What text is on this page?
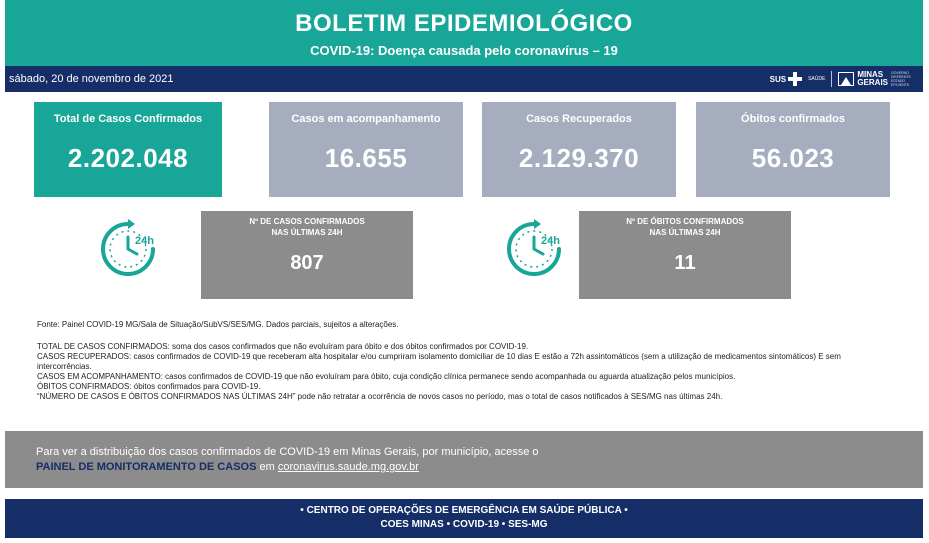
BOLETIM EPIDEMIOLÓGICO
COVID-19: Doença causada pelo coronavírus – 19
sábado, 20 de novembro de 2021	SUS	SAÚDE	MINAS
GERAIS
GOVERNO DIFERENTE. ESTADO EFICIENTE.
Total de Casos Confirmados
2.202.048
Casos em acompanhamento
16.655
Casos Recuperados
2.129.370
Óbitos confirmados
56.023
24h
Nº DE CASOS CONFIRMADOS
NAS ÚLTIMAS 24H
807
24h
Nº DE ÓBITOS CONFIRMADOS
NAS ÚLTIMAS 24H
11
Fonte: Painel COVID-19 MG/Sala de Situação/SubVS/SES/MG. Dados parciais, sujeitos a alterações.
TOTAL DE CASOS CONFIRMADOS: soma dos casos confirmados que não evoluíram para óbito e dos óbitos confirmados por COVID-19.
CASOS RECUPERADOS: casos confirmados de COVID-19 que receberam alta hospitalar e/ou cumpriram isolamento domiciliar de 10 dias E estão a 72h assintomáticos (sem a utilização de medicamentos sintomáticos) E sem intercorrências.
CASOS EM ACOMPANHAMENTO: casos confirmados de COVID-19 que não evoluíram para óbito, cuja condição clínica permanece sendo acompanhada ou aguarda atualização pelos municípios.
ÓBITOS CONFIRMADOS: óbitos confirmados para COVID-19.
“NÚMERO DE CASOS E ÓBITOS CONFIRMADOS NAS ÚLTIMAS 24H” pode não retratar a ocorrência de novos casos no período, mas o total de casos notificados à SES/MG nas últimas 24h.
Para ver a distribuição dos casos confirmados de COVID-19 em Minas Gerais, por município, acesse o
PAINEL DE MONITORAMENTO DE CASOS em coronavirus.saude.mg.gov.br
• CENTRO DE OPERAÇÕES DE EMERGÊNCIA EM SAÚDE PÚBLICA •
COES MINAS • COVID-19 • SES-MG
